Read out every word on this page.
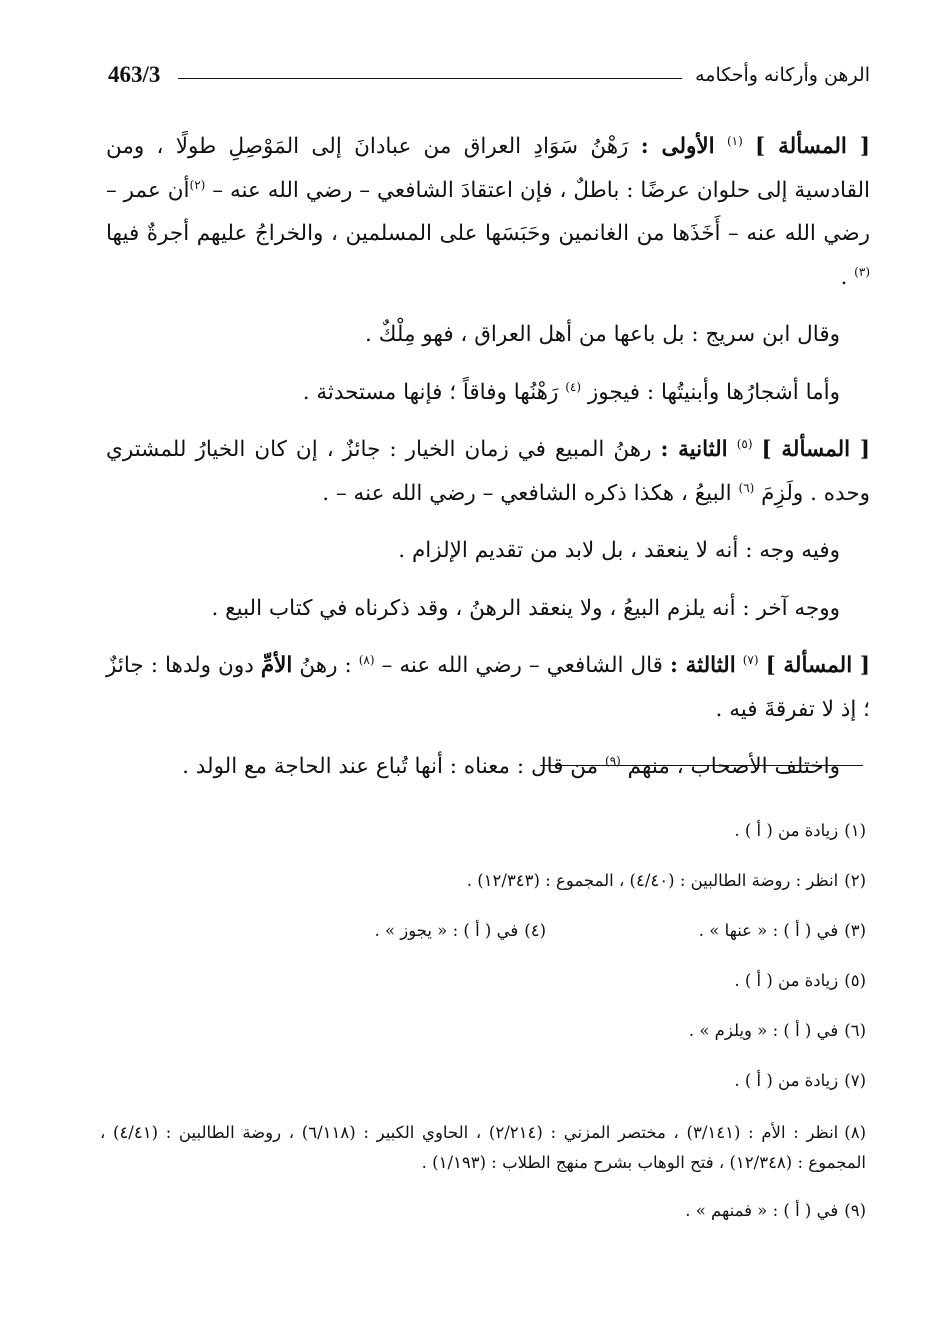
الرهن وأركانه وأحكامه
463/3

[ المسألة ] $^{(١)}$ الأولى : رَهْنُ سَوَادِ العراق من عبادانَ إلى المَوْصِلِ طولًا ، ومن القادسية إلى حلوان عرضًا : باطلٌ ، فإن اعتقادَ الشافعي – رضي الله عنه – $^{(٢)}$أن عمر – رضي الله عنه – أَخَذَها من الغانمين وحَبَسَها على المسلمين ، والخراجُ عليهم أجرةٌ فيها $^{(٣)}$ .

وقال ابن سريج : بل باعها من أهل العراق ، فهو مِلْكٌ .

وأما أشجارُها وأبنيتُها : فيجوز $^{(٤)}$ رَهْنُها وفاقاً ؛ فإنها مستحدثة .

[ المسألة ] $^{(٥)}$ الثانية : رهنُ المبيع في زمان الخيار : جائزٌ ، إن كان الخيارُ للمشتري وحده . ولَزِمَ $^{(٦)}$ البيعُ ، هكذا ذكره الشافعي – رضي الله عنه – .

وفيه وجه : أنه لا ينعقد ، بل لابد من تقديم الإلزام .

ووجه آخر : أنه يلزم البيعُ ، ولا ينعقد الرهنُ ، وقد ذكرناه في كتاب البيع .

[ المسألة ] $^{(٧)}$ الثالثة : قال الشافعي – رضي الله عنه – $^{(٨)}$ : رهنُ الأمِّ دون ولدها : جائزٌ ؛ إذ لا تفرقةَ فيه .

واختلف الأصحاب ، منهم $^{(٩)}$ من قال : معناه : أنها تُباع عند الحاجة مع الولد .

(١)زيادة من ( أ ) .
(٢)انظر : روضة الطالبين : (٤/٤٠) ، المجموع : (١٢/٣٤٣) .
(٣)في ( أ ) : « عنها » .
(٤)في ( أ ) : « يجوز » .
(٥)زيادة من ( أ ) .
(٦)في ( أ ) : « ويلزم » .
(٧)زيادة من ( أ ) .
(٨)انظر : الأم : (٣/١٤١) ، مختصر المزني : (٢/٢١٤) ، الحاوي الكبير : (٦/١١٨) ، روضة الطالبين : (٤/٤١) ، المجموع : (١٢/٣٤٨) ، فتح الوهاب بشرح منهج الطلاب : (١/١٩٣) .
(٩)في ( أ ) : « فمنهم » .
